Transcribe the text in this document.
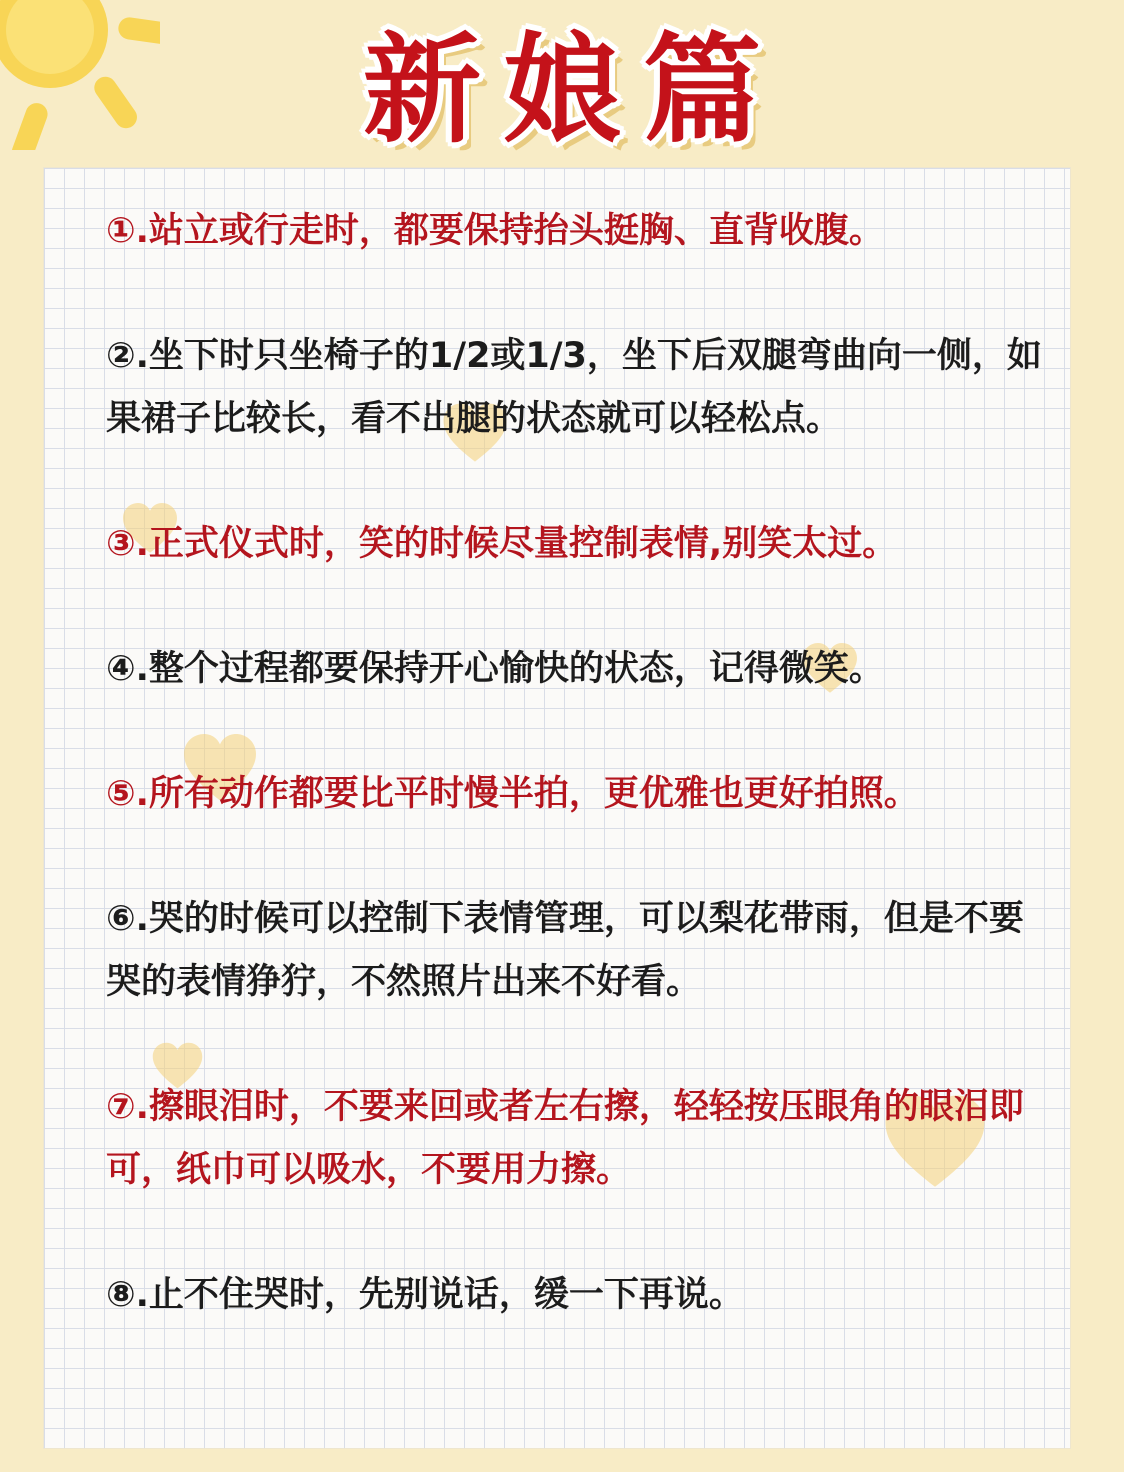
新娘篇
①.站立或行走时，都要保持抬头挺胸、直背收腹。
②.坐下时只坐椅子的1/2或1/3，坐下后双腿弯曲向一侧，如果裙子比较长，看不出腿的状态就可以轻松点。
③.正式仪式时，笑的时候尽量控制表情,别笑太过。
④.整个过程都要保持开心愉快的状态，记得微笑。
⑤.所有动作都要比平时慢半拍，更优雅也更好拍照。
⑥.哭的时候可以控制下表情管理，可以梨花带雨，但是不要哭的表情狰狞，不然照片出来不好看。
⑦.擦眼泪时，不要来回或者左右擦，轻轻按压眼角的眼泪即可，纸巾可以吸水，不要用力擦。
⑧.止不住哭时，先别说话，缓一下再说。
